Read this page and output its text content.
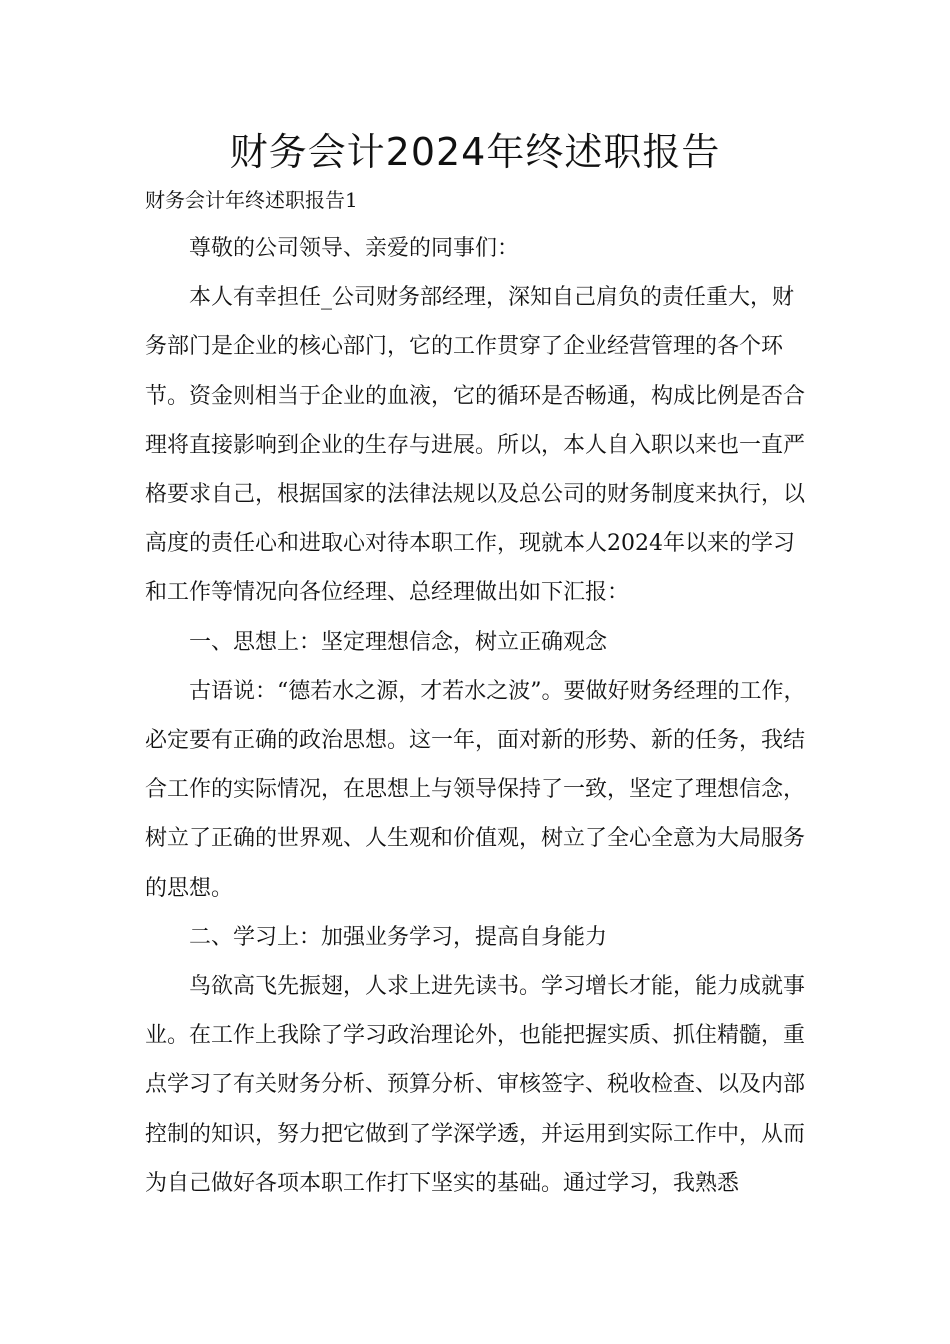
财务会计2024年终述职报告

财务会计年终述职报告1

尊敬的公司领导、亲爱的同事们：

本人有幸担任_公司财务部经理，深知自己肩负的责任重大，财务部门是企业的核心部门，它的工作贯穿了企业经营管理的各个环节。资金则相当于企业的血液，它的循环是否畅通，构成比例是否合理将直接影响到企业的生存与进展。所以，本人自入职以来也一直严格要求自己，根据国家的法律法规以及总公司的财务制度来执行，以高度的责任心和进取心对待本职工作，现就本人2024年以来的学习和工作等情况向各位经理、总经理做出如下汇报：

一、思想上：坚定理想信念，树立正确观念

古语说：“德若水之源，才若水之波”。要做好财务经理的工作，必定要有正确的政治思想。这一年，面对新的形势、新的任务，我结合工作的实际情况，在思想上与领导保持了一致，坚定了理想信念，树立了正确的世界观、人生观和价值观，树立了全心全意为大局服务的思想。

二、学习上：加强业务学习，提高自身能力

鸟欲高飞先振翅，人求上进先读书。学习增长才能，能力成就事业。在工作上我除了学习政治理论外，也能把握实质、抓住精髓，重点学习了有关财务分析、预算分析、审核签字、税收检查、以及内部控制的知识，努力把它做到了学深学透，并运用到实际工作中，从而为自己做好各项本职工作打下坚实的基础。通过学习，我熟悉
